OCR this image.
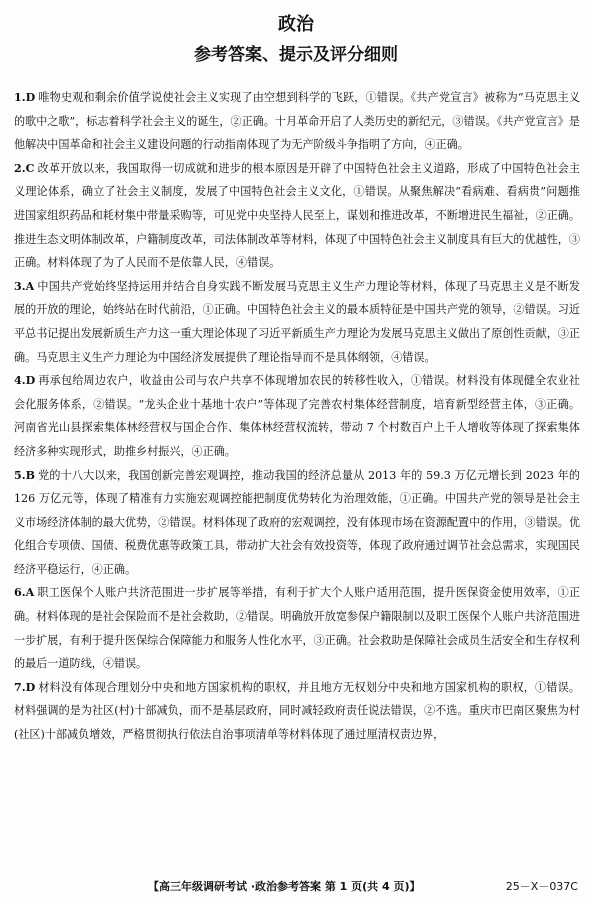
政治
参考答案、提示及评分细则

1.D 唯物史观和剩余价值学说使社会主义实现了由空想到科学的飞跃，①错误。《共产党宣言》被称为“马克思主义的歌中之歌”，标志着科学社会主义的诞生，②正确。十月革命开启了人类历史的新纪元，③错误。《共产党宣言》是他解决中国革命和社会主义建设问题的行动指南体现了为无产阶级斗争指明了方向，④正确。

2.C 改革开放以来，我国取得一切成就和进步的根本原因是开辟了中国特色社会主义道路，形成了中国特色社会主义理论体系，确立了社会主义制度，发展了中国特色社会主义文化，①错误。从聚焦解决“看病难、看病贵”问题推进国家组织药品和耗材集中带量采购等，可见党中央坚持人民至上，谋划和推进改革，不断增进民生福祉，②正确。推进生态文明体制改革，户籍制度改革，司法体制改革等材料，体现了中国特色社会主义制度具有巨大的优越性，③正确。材料体现了为了人民而不是依靠人民，④错误。

3.A 中国共产党始终坚持运用并结合自身实践不断发展马克思主义生产力理论等材料，体现了马克思主义是不断发展的开放的理论，始终站在时代前沿，①正确。中国特色社会主义的最本质特征是中国共产党的领导，②错误。习近平总书记提出发展新质生产力这一重大理论体现了习近平新质生产力理论为发展马克思主义做出了原创性贡献，③正确。马克思主义生产力理论为中国经济发展提供了理论指导而不是具体纲领，④错误。

4.D 再承包给周边农户，收益由公司与农户共享不体现增加农民的转移性收入，①错误。材料没有体现健全农业社会化服务体系，②错误。“龙头企业十基地十农户”等体现了完善农村集体经营制度，培育新型经营主体，③正确。河南省光山县探索集体林经营权与国企合作、集体林经营权流转，带动 7 个村数百户上千人增收等体现了探索集体经济多种实现形式，助推乡村振兴，④正确。

5.B 党的十八大以来，我国创新完善宏观调控，推动我国的经济总量从 2013 年的 59.3 万亿元增长到 2023 年的 126 万亿元等，体现了精准有力实施宏观调控能把制度优势转化为治理效能，①正确。中国共产党的领导是社会主义市场经济体制的最大优势，②错误。材料体现了政府的宏观调控，没有体现市场在资源配置中的作用，③错误。优化组合专项债、国债、税费优惠等政策工具，带动扩大社会有效投资等，体现了政府通过调节社会总需求，实现国民经济平稳运行，④正确。

6.A 职工医保个人账户共济范围进一步扩展等举措，有利于扩大个人账户适用范围，提升医保资金使用效率，①正确。材料体现的是社会保险而不是社会救助，②错误。明确放开放宽参保户籍限制以及职工医保个人账户共济范围进一步扩展，有利于提升医保综合保障能力和服务人性化水平，③正确。社会救助是保障社会成员生活安全和生存权利的最后一道防线，④错误。

7.D 材料没有体现合理划分中央和地方国家机构的职权，并且地方无权划分中央和地方国家机构的职权，①错误。材料强调的是为社区(村)十部减负，而不是基层政府，同时减轻政府责任说法错误，②不选。重庆市巴南区聚焦为村(社区)十部减负增效，严格贯彻执行依法自治事项清单等材料体现了通过厘清权责边界，

【高三年级调研考试 ·政治参考答案 第 1 页(共 4 页)】	25－X－037C
